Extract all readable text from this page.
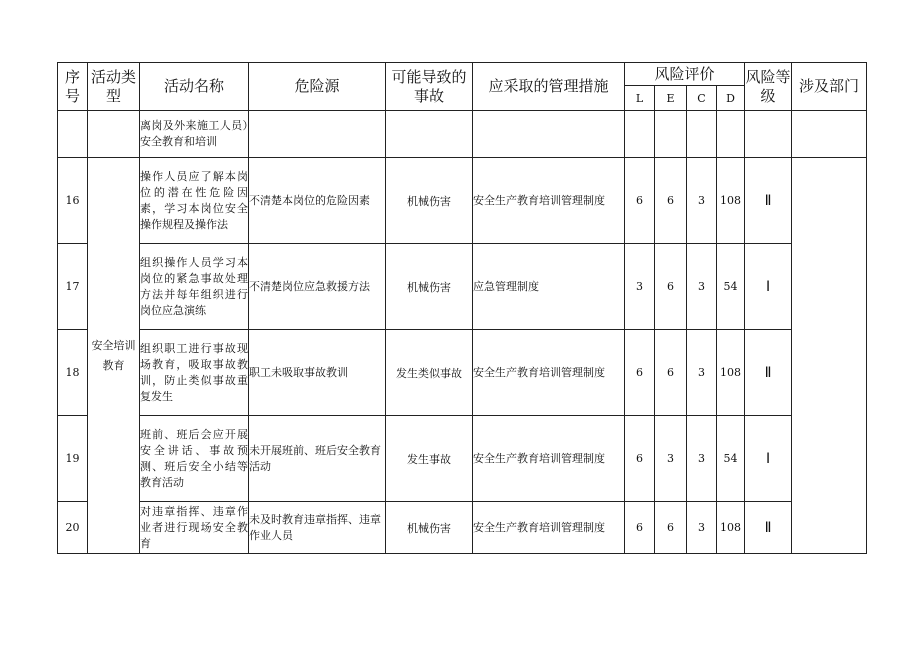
序号	活动类型	活动名称	危险源	可能导致的事故	应采取的管理措施	风险评价				风险等级	涉及部门
						L	E	C	D		
		离岗及外来施工人员）安全教育和培训									
16	安全培训教育	操作人员应了解本岗位的潜在性危险因素，学习本岗位安全操作规程及操作法	不清楚本岗位的危险因素	机械伤害	安全生产教育培训管理制度	6	6	3	108	Ⅱ	
17		组织操作人员学习本岗位的紧急事故处理方法并每年组织进行岗位应急演练	不清楚岗位应急救援方法	机械伤害	应急管理制度	3	6	3	54	Ⅰ	
18		组织职工进行事故现场教育，吸取事故教训，防止类似事故重复发生	职工未吸取事故教训	发生类似事故	安全生产教育培训管理制度	6	6	3	108	Ⅱ	
19		班前、班后会应开展安全讲话、事故预测、班后安全小结等教育活动	未开展班前、班后安全教育活动	发生事故	安全生产教育培训管理制度	6	3	3	54	Ⅰ	
20		对违章指挥、违章作业者进行现场安全教育	未及时教育违章指挥、违章作业人员	机械伤害	安全生产教育培训管理制度	6	6	3	108	Ⅱ	
